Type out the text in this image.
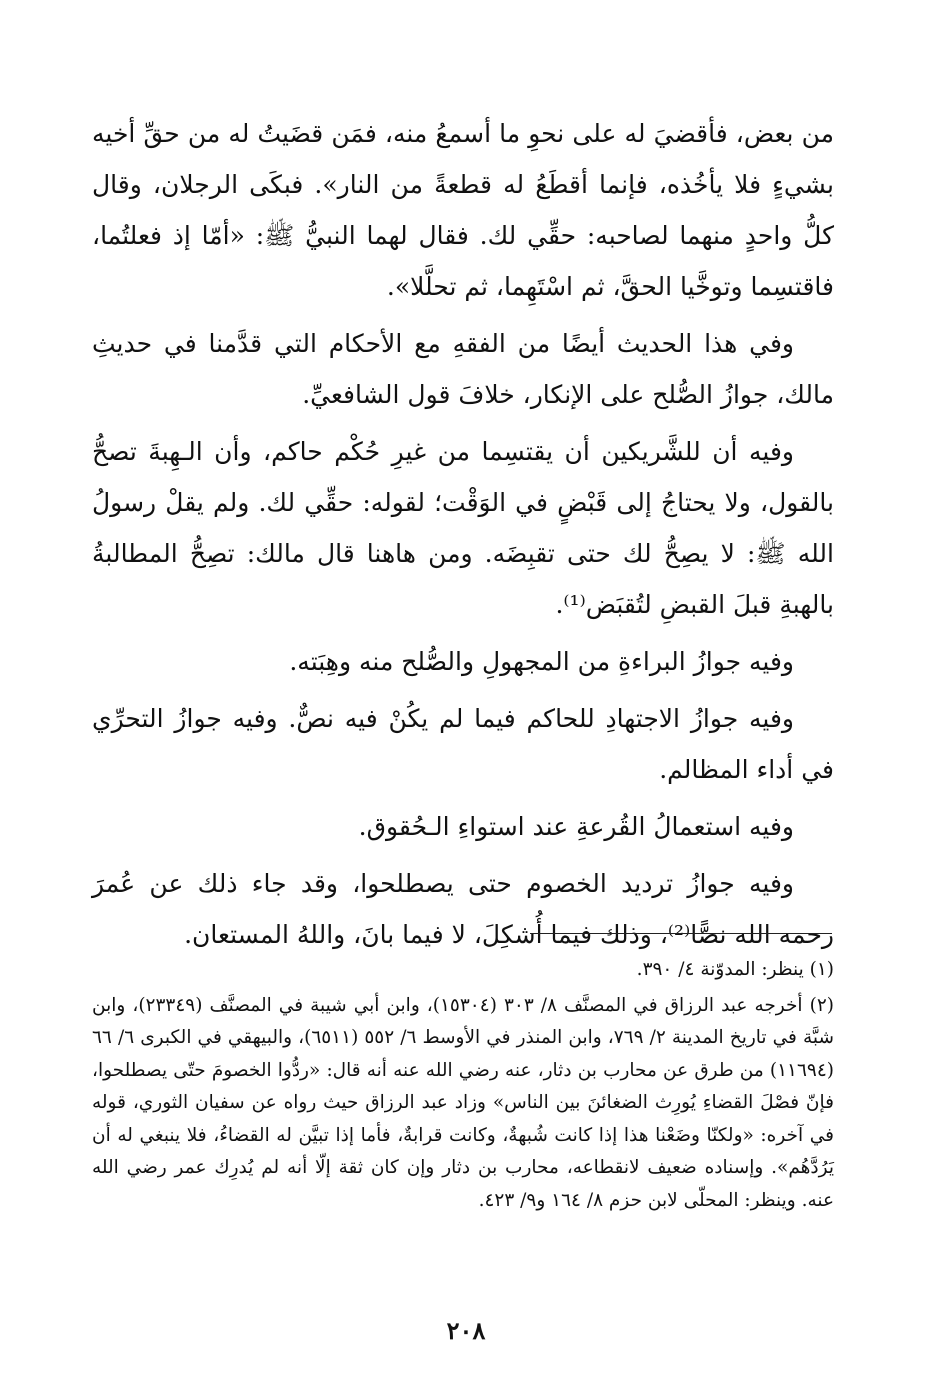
من بعض، فأقضيَ له على نحوِ ما أسمعُ منه، فمَن قضَيتُ له من حقِّ أخيه بشيءٍ فلا يأخُذه، فإنما أقطَعُ له قطعةً من النار». فبكَى الرجلان، وقال كلُّ واحدٍ منهما لصاحبه: حقِّي لك. فقال لهما النبيُّ ﷺ: «أمّا إذ فعلتُما، فاقتسِما وتوخَّيا الحقَّ، ثم اسْتَهِما، ثم تحلَّلا».

وفي هذا الحديث أيضًا من الفقهِ مع الأحكام التي قدَّمنا في حديثِ مالك، جوازُ الصُّلح على الإنكار، خلافَ قول الشافعيِّ.

وفيه أن للشَّريكين أن يقتسِما من غيرِ حُكْم حاكم، وأن الـهِبةَ تصحُّ بالقول، ولا يحتاجُ إلى قَبْضٍ في الوَقْت؛ لقوله: حقِّي لك. ولم يقلْ رسولُ الله ﷺ: لا يصِحُّ لك حتى تقبِضَه. ومن هاهنا قال مالك: تصِحُّ المطالبةُ بالهبةِ قبلَ القبضِ لتُقبَض⁽¹⁾.

وفيه جوازُ البراءةِ من المجهولِ والصُّلح منه وهِبَته.

وفيه جوازُ الاجتهادِ للحاكم فيما لم يكُنْ فيه نصٌّ. وفيه جوازُ التحرِّي في أداء المظالم.

وفيه استعمالُ القُرعةِ عند استواءِ الـحُقوق.

وفيه جوازُ ترديد الخصوم حتى يصطلحوا، وقد جاء ذلك عن عُمرَ رحمه الله نصًّا⁽²⁾، وذلك فيما أُشكِلَ، لا فيما بانَ، واللهُ المستعان.

(١) ينظر: المدوّنة ٤/ ٣٩٠.

(٢) أخرجه عبد الرزاق في المصنَّف ٨/ ٣٠٣ (١٥٣٠٤)، وابن أبي شيبة في المصنَّف (٢٣٣٤٩)، وابن شبَّة في تاريخ المدينة ٢/ ٧٦٩، وابن المنذر في الأوسط ٦/ ٥٥٢ (٦٥١١)، والبيهقي في الكبرى ٦/ ٦٦ (١١٦٩٤) من طرق عن محارب بن دثار، عنه رضي الله عنه أنه قال: «ردُّوا الخصومَ حتّى يصطلحوا، فإنّ فصْلَ القضاءِ يُورِث الضغائنَ بين الناس» وزاد عبد الرزاق حيث رواه عن سفيان الثوري، قوله في آخره: «ولكنّا وضَعْنا هذا إذا كانت شُبهةٌ، وكانت قرابةٌ، فأما إذا تبيَّن له القضاءُ، فلا ينبغي له أن يَرُدَّهُم». وإسناده ضعيف لانقطاعه، محارب بن دثار وإن كان ثقة إلّا أنه لم يُدرِك عمر رضي الله عنه. وينظر: المحلّى لابن حزم ٨/ ١٦٤ و٩/ ٤٢٣.

٢٠٨
